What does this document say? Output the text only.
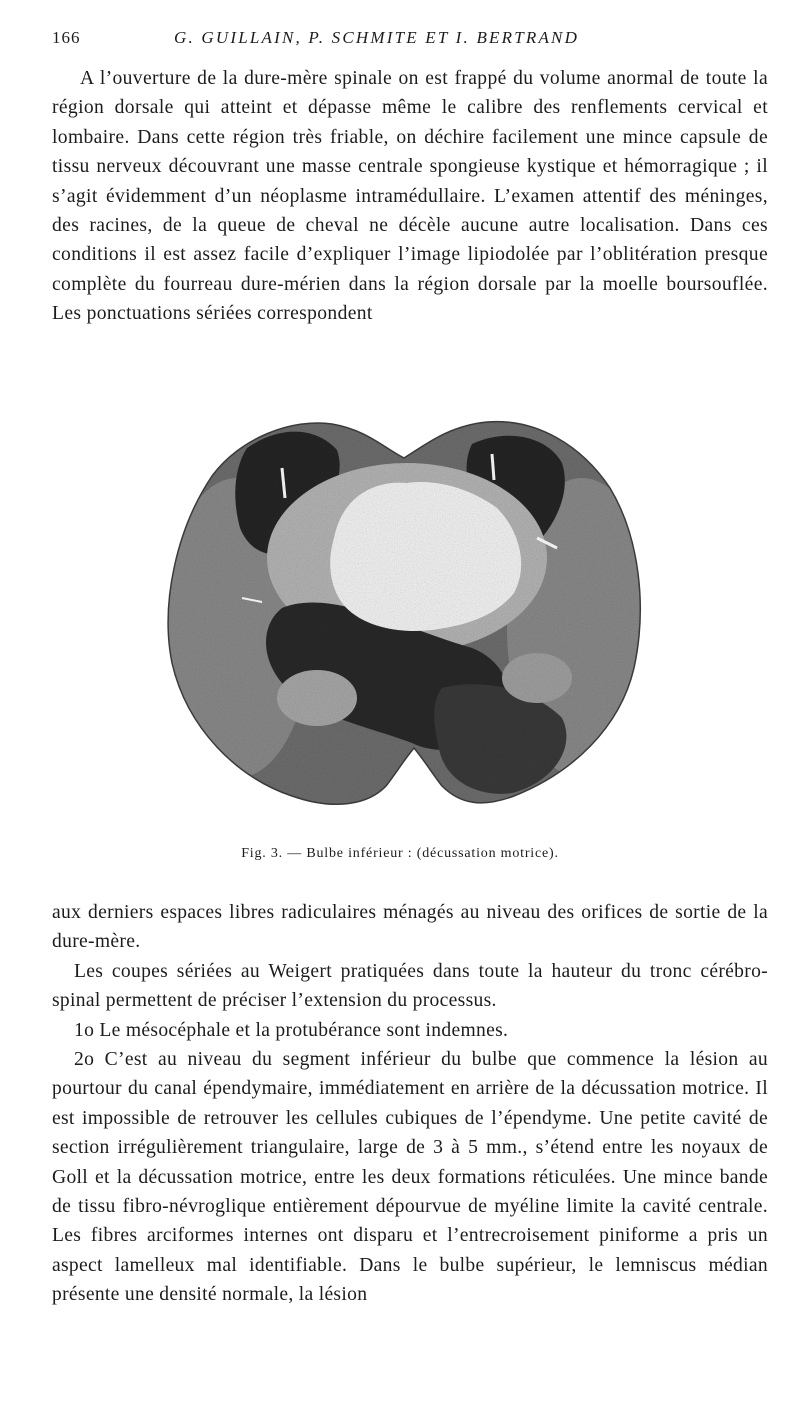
166	G. GUILLAIN, P. SCHMITE ET I. BERTRAND

A l’ouverture de la dure-mère spinale on est frappé du volume anormal de toute la région dorsale qui atteint et dépasse même le calibre des renflements cervical et lombaire. Dans cette région très friable, on déchire facilement une mince capsule de tissu nerveux découvrant une masse centrale spongieuse kystique et hémorragique ; il s’agit évidemment d’un néoplasme intramédullaire. L’examen attentif des méninges, des racines, de la queue de cheval ne décèle aucune autre localisation. Dans ces conditions il est assez facile d’expliquer l’image lipiodolée par l’oblitération presque complète du fourreau dure-mérien dans la région dorsale par la moelle boursouflée. Les ponctuations sériées correspondent

Fig. 3. — Bulbe inférieur : (décussation motrice).

aux derniers espaces libres radiculaires ménagés au niveau des orifices de sortie de la dure-mère.

Les coupes sériées au Weigert pratiquées dans toute la hauteur du tronc cérébro-spinal permettent de préciser l’extension du processus.

1o Le mésocéphale et la protubérance sont indemnes.

2o C’est au niveau du segment inférieur du bulbe que commence la lésion au pourtour du canal épendymaire, immédiatement en arrière de la décussation motrice. Il est impossible de retrouver les cellules cubiques de l’épendyme. Une petite cavité de section irrégulièrement triangulaire, large de 3 à 5 mm., s’étend entre les noyaux de Goll et la décussation motrice, entre les deux formations réticulées. Une mince bande de tissu fibro-névroglique entièrement dépourvue de myéline limite la cavité centrale. Les fibres arciformes internes ont disparu et l’entrecroisement piniforme a pris un aspect lamelleux mal identifiable. Dans le bulbe supérieur, le lemniscus médian présente une densité normale, la lésion
